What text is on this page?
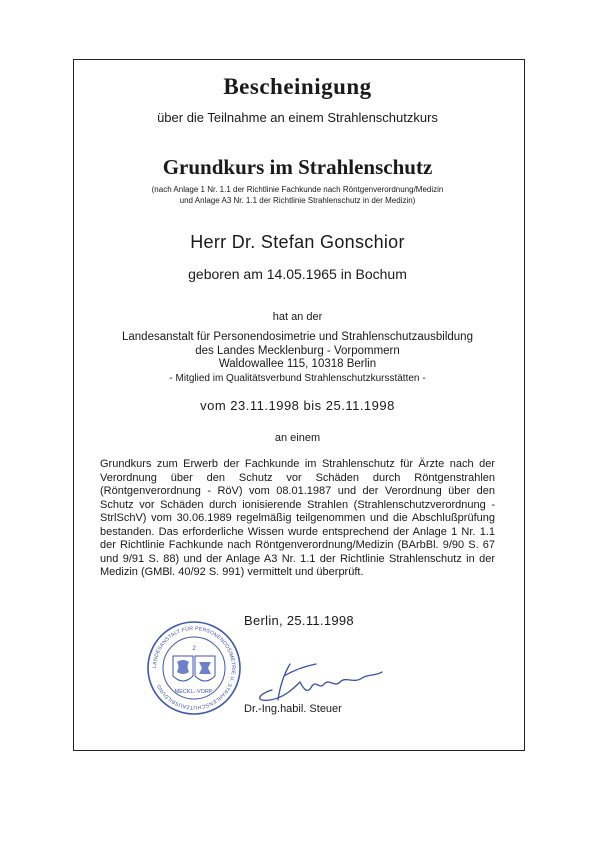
Bescheinigung
über die Teilnahme an einem Strahlenschutzkurs
Grundkurs im Strahlenschutz
(nach Anlage 1 Nr. 1.1 der Richtlinie Fachkunde nach Röntgenverordnung/Medizin
und Anlage A3 Nr. 1.1 der Richtlinie Strahlenschutz in der Medizin)
Herr Dr. Stefan Gonschior
geboren am 14.05.1965 in Bochum
hat an der
Landesanstalt für Personendosimetrie und Strahlenschutzausbildung
des Landes Mecklenburg - Vorpommern
Waldowallee 115, 10318 Berlin
- Mitglied im Qualitätsverbund Strahlenschutzkursstätten -
vom 23.11.1998 bis 25.11.1998
an einem
Grundkurs zum Erwerb der Fachkunde im Strahlenschutz für Ärzte nach der Verordnung über den Schutz vor Schäden durch Röntgenstrahlen (Röntgenverordnung - RöV) vom 08.01.1987 und der Verordnung über den Schutz vor Schäden durch ionisierende Strahlen (Strahlenschutzverordnung - StrlSchV) vom 30.06.1989 regelmäßig teilgenommen und die Abschlußprüfung bestanden. Das erforderliche Wissen wurde entsprechend der Anlage 1 Nr. 1.1 der Richtlinie Fachkunde nach Röntgenverordnung/Medizin (BArbBl. 9/90 S. 67 und 9/91 S. 88) und der Anlage A3 Nr. 1.1 der Richtlinie Strahlenschutz in der Medizin (GMBl. 40/92 S. 991) vermittelt und überprüft.
Berlin, 25.11.1998
LANDESANSTALT FÜR PERSONENDOSIMETRIE U. STRAHLENSCHUTZAUSBILDUNG
2
MECKL.-VORP.
Dr.-Ing.habil. Steuer
